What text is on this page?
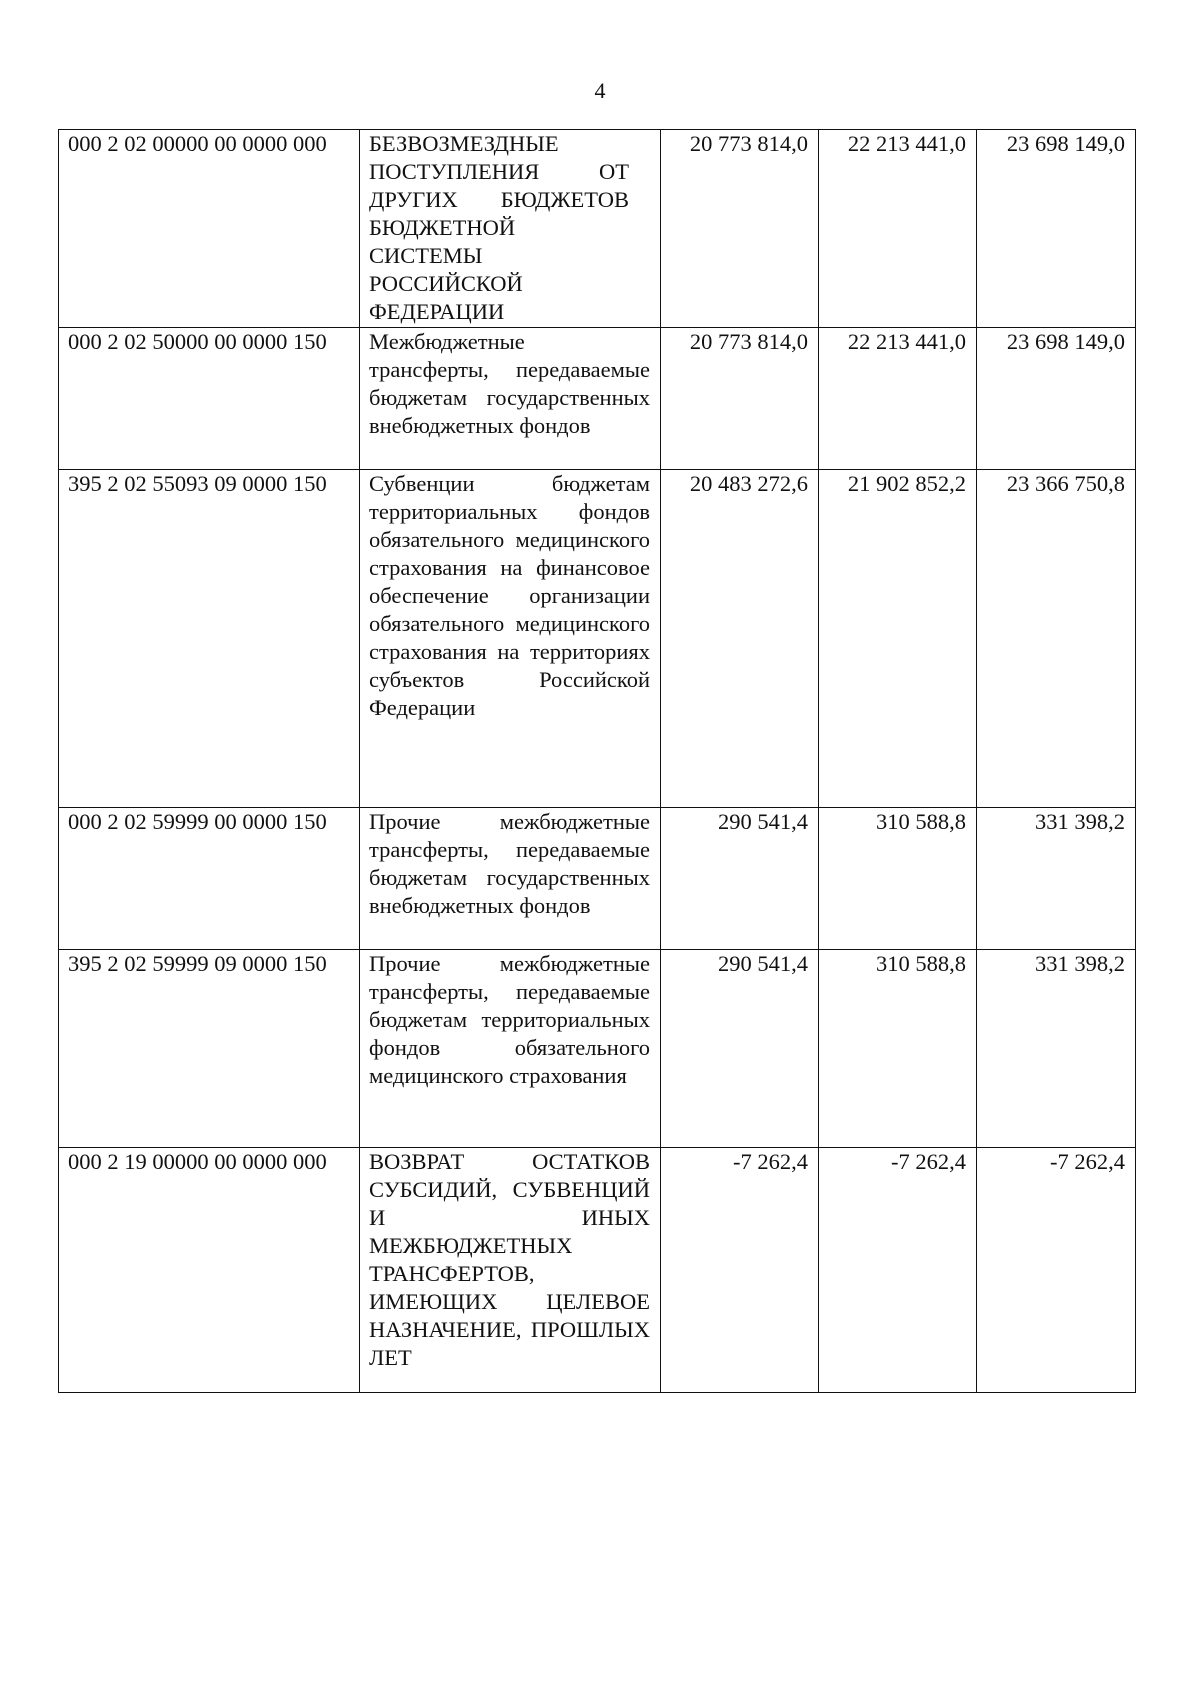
4
000 2 02 00000 00 0000 000	БЕЗВОЗМЕЗДНЫЕ ПОСТУПЛЕНИЯ ОТ ДРУГИХ БЮДЖЕТОВ БЮДЖЕТНОЙ СИСТЕМЫ РОССИЙСКОЙ ФЕДЕРАЦИИ	20 773 814,0	22 213 441,0	23 698 149,0
000 2 02 50000 00 0000 150	Межбюджетные трансферты, передаваемые бюджетам государственных внебюджетных фондов	20 773 814,0	22 213 441,0	23 698 149,0
395 2 02 55093 09 0000 150	Субвенции бюджетам территориальных фондов обязательного медицинского страхования на финансовое обеспечение организации обязательного медицинского страхования на территориях субъектов Российской Федерации	20 483 272,6	21 902 852,2	23 366 750,8
000 2 02 59999 00 0000 150	Прочие межбюджетные трансферты, передаваемые бюджетам государственных внебюджетных фондов	290 541,4	310 588,8	331 398,2
395 2 02 59999 09 0000 150	Прочие межбюджетные трансферты, передаваемые бюджетам территориальных фондов обязательного медицинского страхования	290 541,4	310 588,8	331 398,2
000 2 19 00000 00 0000 000	ВОЗВРАТ ОСТАТКОВ СУБСИДИЙ, СУБВЕНЦИЙ И ИНЫХ МЕЖБЮДЖЕТНЫХ ТРАНСФЕРТОВ, ИМЕЮЩИХ ЦЕЛЕВОЕ НАЗНАЧЕНИЕ, ПРОШЛЫХ ЛЕТ	-7 262,4	-7 262,4	-7 262,4
